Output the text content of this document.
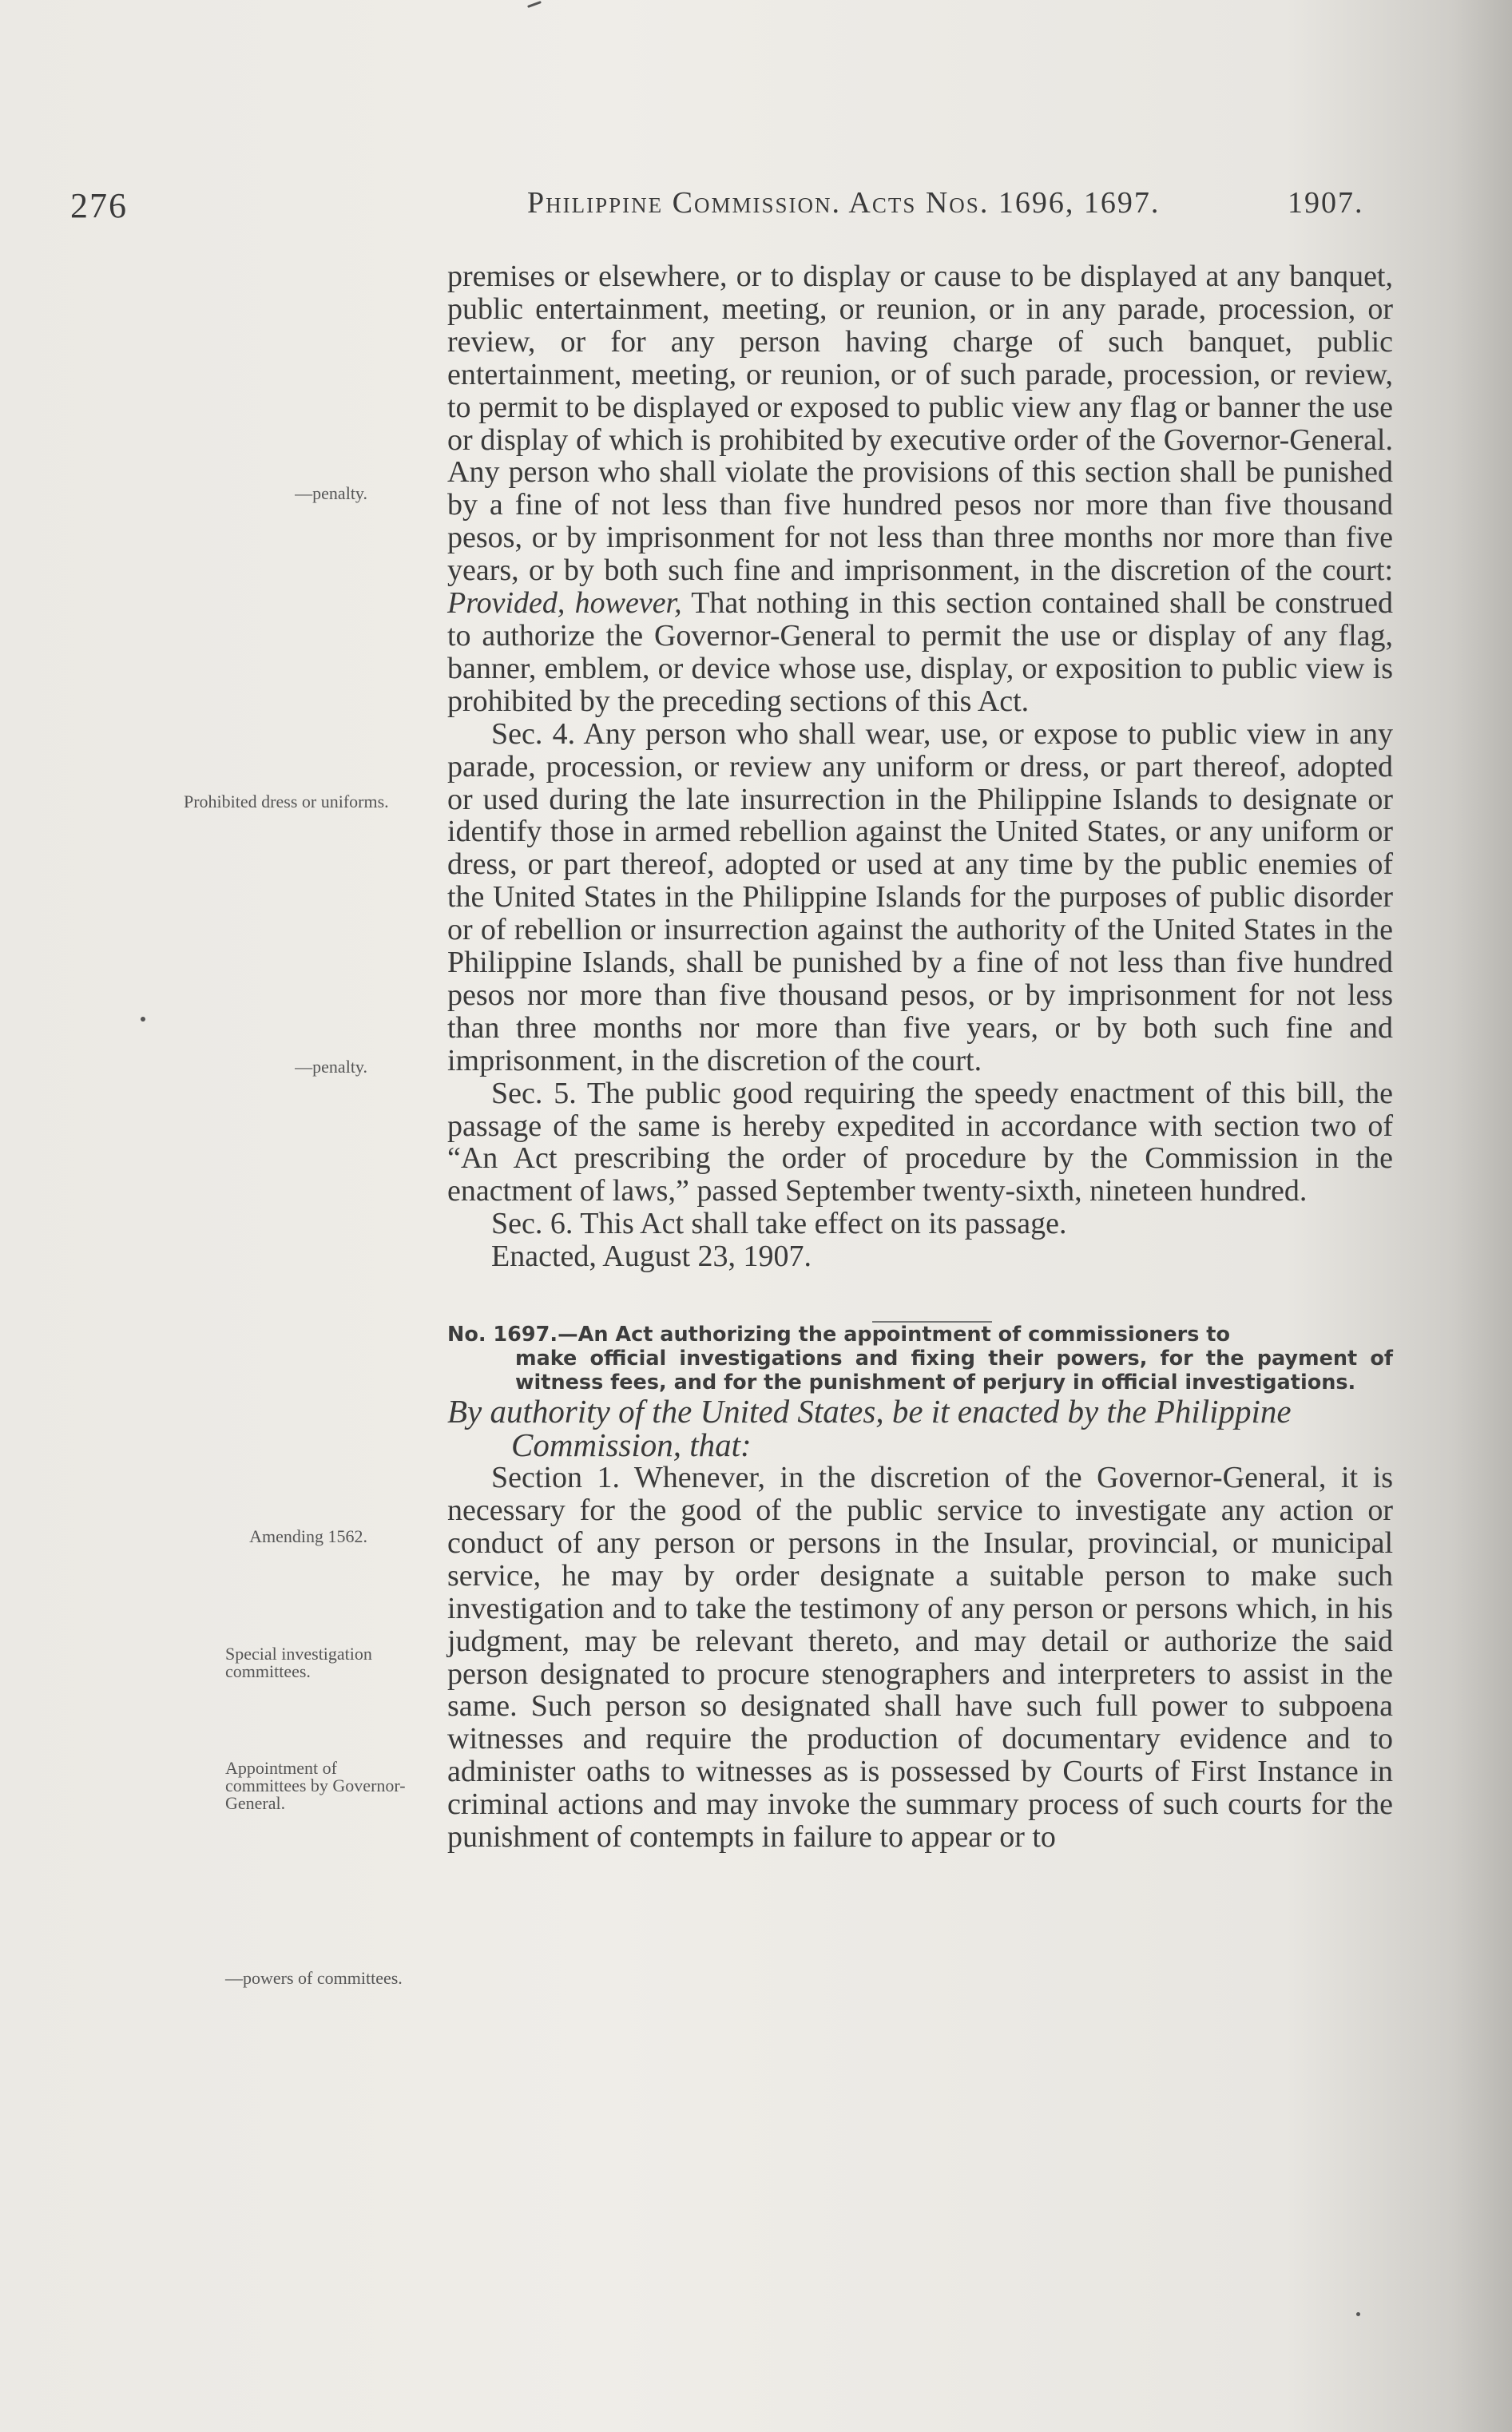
276	Philippine Commission. Acts Nos. 1696, 1697.	1907.
—penalty.
Prohibited dress or uniforms.
—penalty.
Amending 1562.
Special investigation committees.
Appointment of committees by Governor-General.
—powers of committees.

premises or elsewhere, or to display or cause to be displayed at any banquet, public entertainment, meeting, or reunion, or in any parade, procession, or review, or for any person having charge of such banquet, public entertainment, meeting, or reunion, or of such parade, procession, or review, to permit to be displayed or exposed to public view any flag or banner the use or display of which is prohibited by executive order of the Governor-General. Any person who shall violate the provisions of this section shall be punished by a fine of not less than five hundred pesos nor more than five thousand pesos, or by imprisonment for not less than three months nor more than five years, or by both such fine and imprisonment, in the discretion of the court: Provided, however, That nothing in this section contained shall be construed to authorize the Governor-General to permit the use or display of any flag, banner, emblem, or device whose use, display, or exposition to public view is prohibited by the preceding sections of this Act.

Sec. 4. Any person who shall wear, use, or expose to public view in any parade, procession, or review any uniform or dress, or part thereof, adopted or used during the late insurrection in the Philippine Islands to designate or identify those in armed rebellion against the United States, or any uniform or dress, or part thereof, adopted or used at any time by the public enemies of the United States in the Philippine Islands for the purposes of public disorder or of rebellion or insurrection against the authority of the United States in the Philippine Islands, shall be punished by a fine of not less than five hundred pesos nor more than five thousand pesos, or by imprisonment for not less than three months nor more than five years, or by both such fine and imprisonment, in the discretion of the court.

Sec. 5. The public good requiring the speedy enactment of this bill, the passage of the same is hereby expedited in accordance with section two of “An Act prescribing the order of procedure by the Commission in the enactment of laws,” passed September twenty-sixth, nineteen hundred.

Sec. 6. This Act shall take effect on its passage.

Enacted, August 23, 1907.

No. 1697.—An Act authorizing the appointment of commissioners to
make official investigations and fixing their powers, for the payment of witness fees, and for the punishment of perjury in official investigations.

By authority of the United States, be it enacted by the Philippine
Commission, that:

Section 1. Whenever, in the discretion of the Governor-General, it is necessary for the good of the public service to investigate any action or conduct of any person or persons in the Insular, provincial, or municipal service, he may by order designate a suitable person to make such investigation and to take the testimony of any person or persons which, in his judgment, may be relevant thereto, and may detail or authorize the said person designated to procure stenographers and interpreters to assist in the same. Such person so designated shall have such full power to subpoena witnesses and require the production of documentary evidence and to administer oaths to witnesses as is possessed by Courts of First Instance in criminal actions and may invoke the summary process of such courts for the punishment of contempts in failure to appear or to
